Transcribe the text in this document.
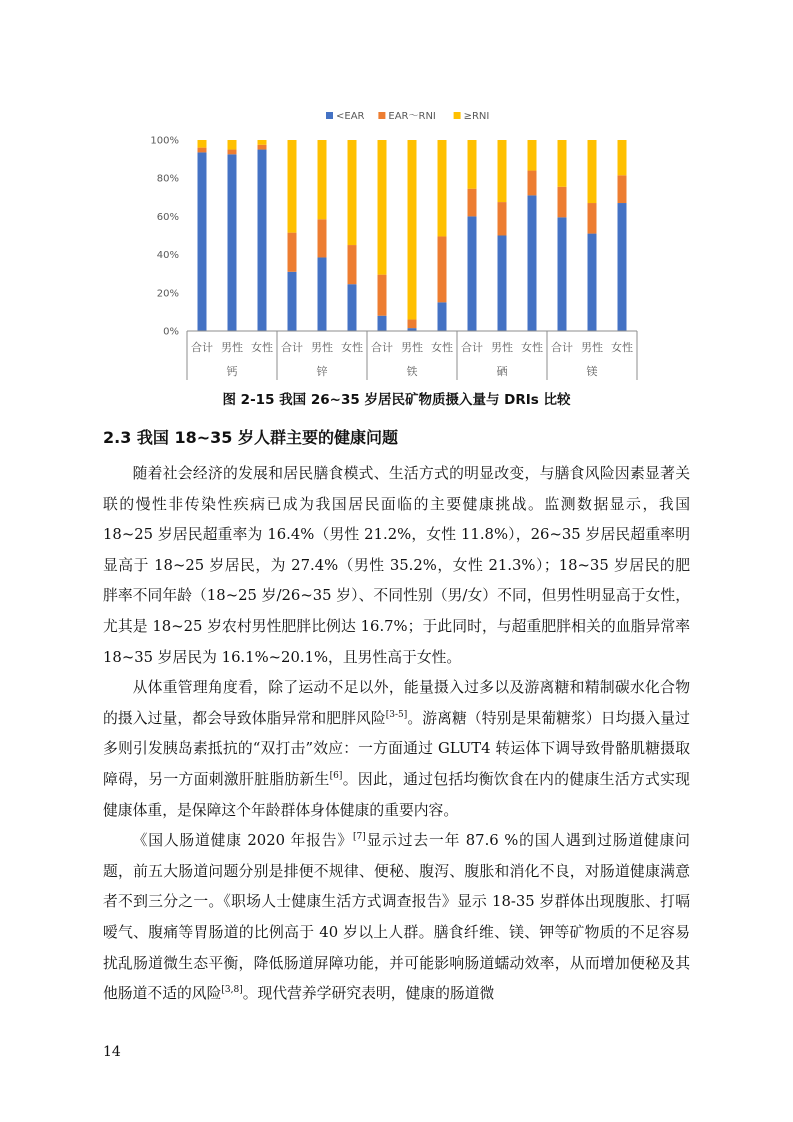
<EAR EAR～RNI	≥RNI
0%
20%
40%
60%
80%
100%
合计 男性 女性 合计 男性 女性 合计 男性 女性 合计 男性 女性 合计 男性 女性
钙	锌	铁	硒	镁
图 2-15 我国 26~35 岁居民矿物质摄入量与 DRIs 比较
2.3 我国 18~35 岁人群主要的健康问题

随着社会经济的发展和居民膳食模式、生活方式的明显改变，与膳食风险因素显著关联的慢性非传染性疾病已成为我国居民面临的主要健康挑战。监测数据显示，我国 18~25 岁居民超重率为 16.4%（男性 21.2%，女性 11.8%），26~35 岁居民超重率明显高于 18~25 岁居民，为 27.4%（男性 35.2%，女性 21.3%）；18~35 岁居民的肥胖率不同年龄（18~25 岁/26~35 岁）、不同性别（男/女）不同，但男性明显高于女性，尤其是 18~25 岁农村男性肥胖比例达 16.7%；于此同时，与超重肥胖相关的血脂异常率 18~35 岁居民为 16.1%~20.1%，且男性高于女性。

从体重管理角度看，除了运动不足以外，能量摄入过多以及游离糖和精制碳水化合物的摄入过量，都会导致体脂异常和肥胖风险[3-5]。游离糖（特别是果葡糖浆）日均摄入量过多则引发胰岛素抵抗的“双打击”效应：一方面通过 GLUT4 转运体下调导致骨骼肌糖摄取障碍，另一方面刺激肝脏脂肪新生[6]。因此，通过包括均衡饮食在内的健康生活方式实现健康体重，是保障这个年龄群体身体健康的重要内容。

《国人肠道健康 2020 年报告》[7]显示过去一年 87.6 %的国人遇到过肠道健康问题，前五大肠道问题分别是排便不规律、便秘、腹泻、腹胀和消化不良，对肠道健康满意者不到三分之一。《职场人士健康生活方式调查报告》显示 18-35 岁群体出现腹胀、打嗝嗳气、腹痛等胃肠道的比例高于 40 岁以上人群。膳食纤维、镁、钾等矿物质的不足容易扰乱肠道微生态平衡，降低肠道屏障功能，并可能影响肠道蠕动效率，从而增加便秘及其他肠道不适的风险[3,8]。现代营养学研究表明，健康的肠道微

14
